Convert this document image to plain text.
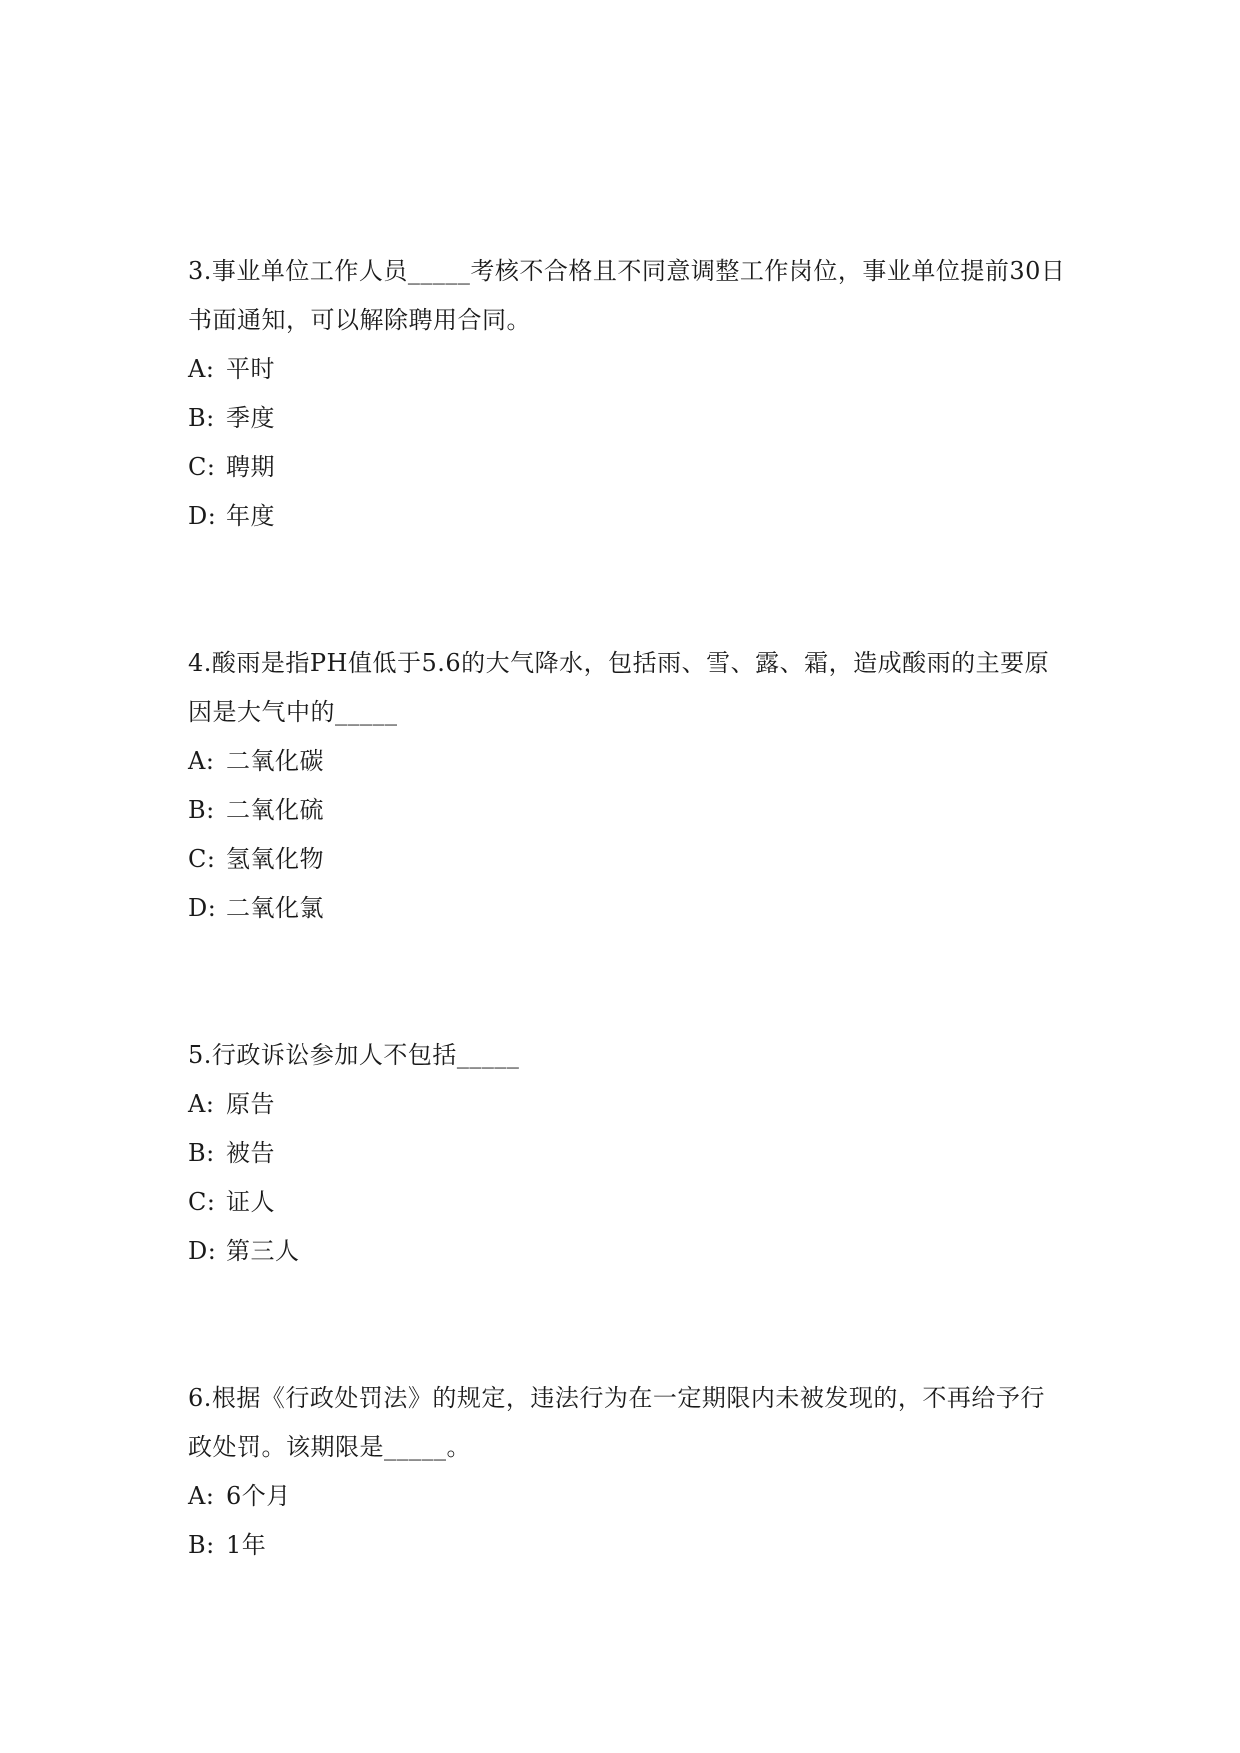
3.事业单位工作人员_____考核不合格且不同意调整工作岗位，事业单位提前30日书面通知，可以解除聘用合同。

A: 平时

B: 季度

C: 聘期

D: 年度

4.酸雨是指PH值低于5.6的大气降水，包括雨、雪、露、霜，造成酸雨的主要原因是大气中的_____

A: 二氧化碳

B: 二氧化硫

C: 氢氧化物

D: 二氧化氯

5.行政诉讼参加人不包括_____

A: 原告

B: 被告

C: 证人

D: 第三人

6.根据《行政处罚法》的规定，违法行为在一定期限内未被发现的，不再给予行政处罚。该期限是_____。

A: 6个月

B: 1年
